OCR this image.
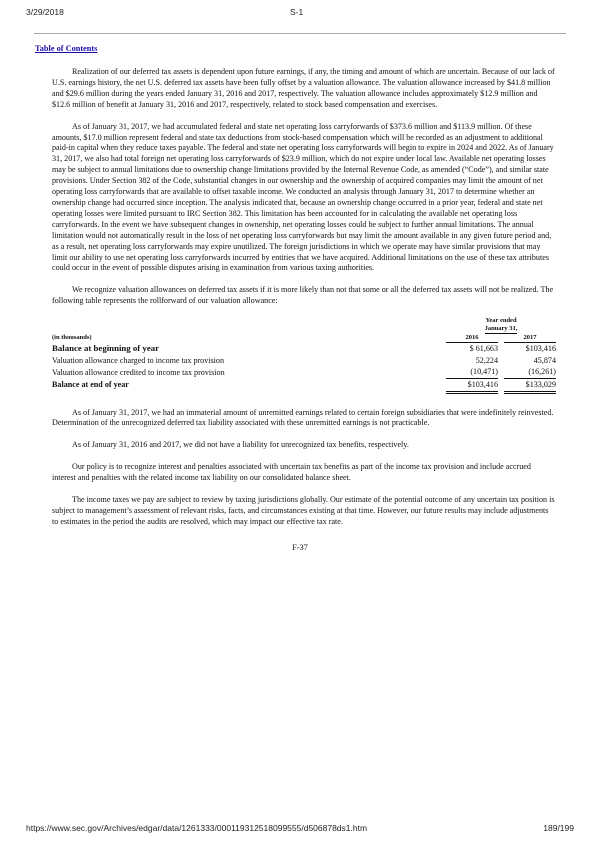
3/29/2018	S-1
Table of Contents

Realization of our deferred tax assets is dependent upon future earnings, if any, the timing and amount of which are uncertain. Because of our lack of U.S. earnings history, the net U.S. deferred tax assets have been fully offset by a valuation allowance. The valuation allowance increased by $41.8 million and $29.6 million during the years ended January 31, 2016 and 2017, respectively. The valuation allowance includes approximately $12.9 million and $12.6 million of benefit at January 31, 2016 and 2017, respectively, related to stock based compensation and exercises.

As of January 31, 2017, we had accumulated federal and state net operating loss carryforwards of $373.6 million and $113.9 million. Of these amounts, $17.0 million represent federal and state tax deductions from stock-based compensation which will be recorded as an adjustment to additional paid-in capital when they reduce taxes payable. The federal and state net operating loss carryforwards will begin to expire in 2024 and 2022. As of January 31, 2017, we also had total foreign net operating loss carryforwards of $23.9 million, which do not expire under local law. Available net operating losses may be subject to annual limitations due to ownership change limitations provided by the Internal Revenue Code, as amended (“Code”), and similar state provisions. Under Section 382 of the Code, substantial changes in our ownership and the ownership of acquired companies may limit the amount of net operating loss carryforwards that are available to offset taxable income. We conducted an analysis through January 31, 2017 to determine whether an ownership change had occurred since inception. The analysis indicated that, because an ownership change occurred in a prior year, federal and state net operating losses were limited pursuant to IRC Section 382. This limitation has been accounted for in calculating the available net operating loss carryforwards. In the event we have subsequent changes in ownership, net operating losses could be subject to further annual limitations. The annual limitation would not automatically result in the loss of net operating loss carryforwards but may limit the amount available in any given future period and, as a result, net operating loss carryforwards may expire unutilized. The foreign jurisdictions in which we operate may have similar provisions that may limit our ability to use net operating loss carryforwards incurred by entities that we have acquired. Additional limitations on the use of these tax attributes could occur in the event of possible disputes arising in examination from various taxing authorities.

We recognize valuation allowances on deferred tax assets if it is more likely than not that some or all the deferred tax assets will not be realized. The following table represents the rollforward of our valuation allowance:

	Year ended
January 31,		
(in thousands)	2016		2017
Balance at beginning of year	$ 61,663		$103,416
Valuation allowance charged to income tax provision	52,224		45,874
Valuation allowance credited to income tax provision	(10,471)		(16,261)
Balance at end of year	$103,416		$133,029

As of January 31, 2017, we had an immaterial amount of unremitted earnings related to certain foreign subsidiaries that were indefinitely reinvested. Determination of the unrecognized deferred tax liability associated with these unremitted earnings is not practicable.

As of January 31, 2016 and 2017, we did not have a liability for unrecognized tax benefits, respectively.

Our policy is to recognize interest and penalties associated with uncertain tax benefits as part of the income tax provision and include accrued interest and penalties with the related income tax liability on our consolidated balance sheet.

The income taxes we pay are subject to review by taxing jurisdictions globally. Our estimate of the potential outcome of any uncertain tax position is subject to management’s assessment of relevant risks, facts, and circumstances existing at that time. However, our future results may include adjustments to estimates in the period the audits are resolved, which may impact our effective tax rate.

F-37
https://www.sec.gov/Archives/edgar/data/1261333/000119312518099555/d506878ds1.htm	189/199
